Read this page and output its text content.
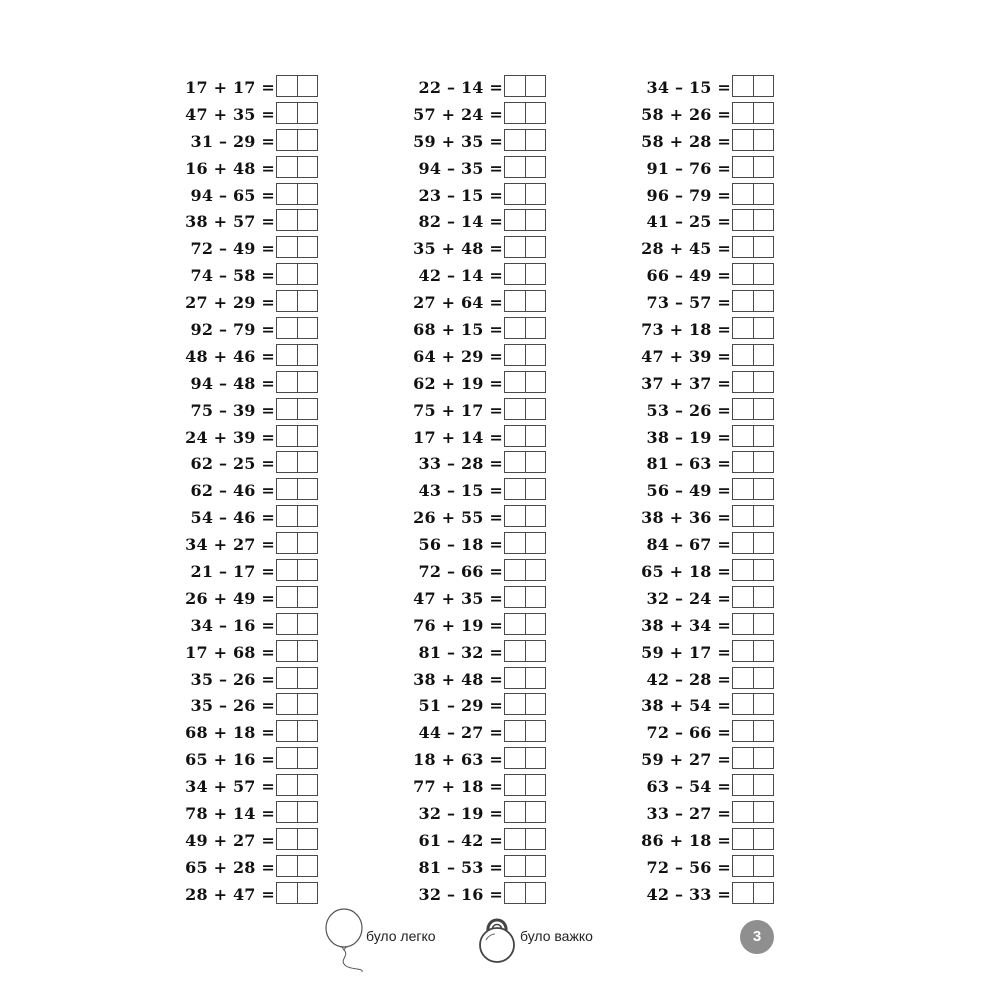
17 + 17 =
47 + 35 =
31 – 29 =
16 + 48 =
94 – 65 =
38 + 57 =
72 – 49 =
74 – 58 =
27 + 29 =
92 – 79 =
48 + 46 =
94 – 48 =
75 – 39 =
24 + 39 =
62 – 25 =
62 – 46 =
54 – 46 =
34 + 27 =
21 – 17 =
26 + 49 =
34 – 16 =
17 + 68 =
35 – 26 =
35 – 26 =
68 + 18 =
65 + 16 =
34 + 57 =
78 + 14 =
49 + 27 =
65 + 28 =
28 + 47 =
22 – 14 =
57 + 24 =
59 + 35 =
94 – 35 =
23 – 15 =
82 – 14 =
35 + 48 =
42 – 14 =
27 + 64 =
68 + 15 =
64 + 29 =
62 + 19 =
75 + 17 =
17 + 14 =
33 – 28 =
43 – 15 =
26 + 55 =
56 – 18 =
72 – 66 =
47 + 35 =
76 + 19 =
81 – 32 =
38 + 48 =
51 – 29 =
44 – 27 =
18 + 63 =
77 + 18 =
32 – 19 =
61 – 42 =
81 – 53 =
32 – 16 =
34 – 15 =
58 + 26 =
58 + 28 =
91 – 76 =
96 – 79 =
41 – 25 =
28 + 45 =
66 – 49 =
73 – 57 =
73 + 18 =
47 + 39 =
37 + 37 =
53 – 26 =
38 – 19 =
81 – 63 =
56 – 49 =
38 + 36 =
84 – 67 =
65 + 18 =
32 – 24 =
38 + 34 =
59 + 17 =
42 – 28 =
38 + 54 =
72 – 66 =
59 + 27 =
63 – 54 =
33 – 27 =
86 + 18 =
72 – 56 =
42 – 33 =
було легко	було важко	3
